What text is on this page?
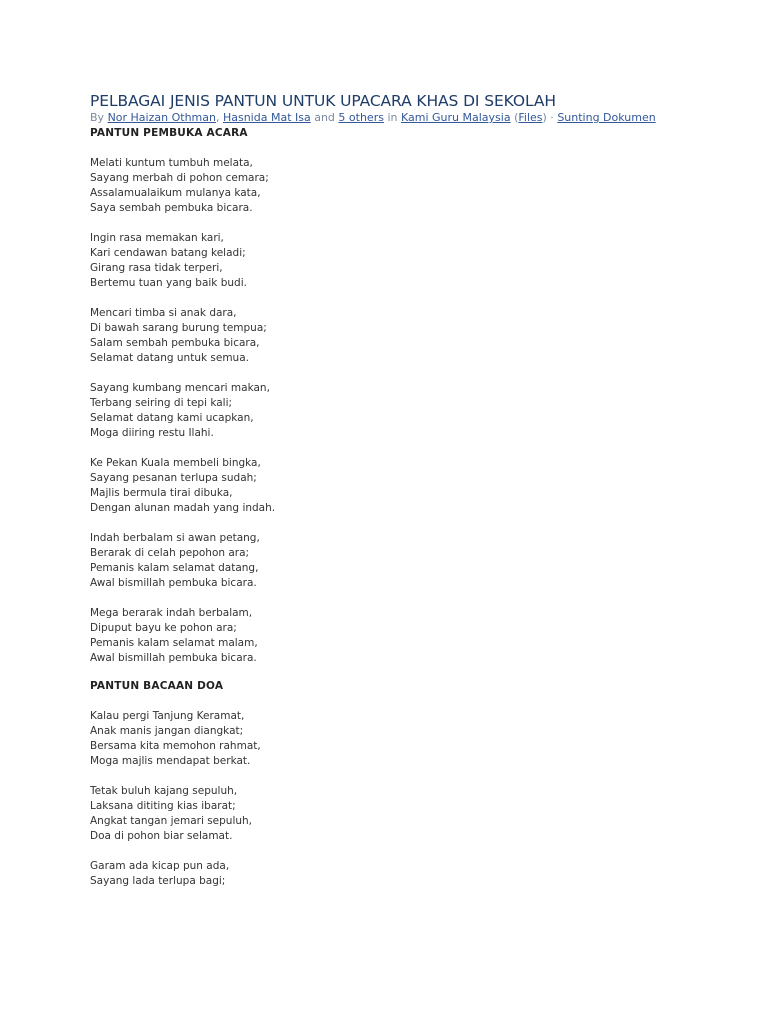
PELBAGAI JENIS PANTUN UNTUK UPACARA KHAS DI SEKOLAH
By Nor Haizan Othman, Hasnida Mat Isa and 5 others in Kami Guru Malaysia (Files) · Sunting Dokumen
PANTUN PEMBUKA ACARA
Melati kuntum tumbuh melata,
Sayang merbah di pohon cemara;
Assalamualaikum mulanya kata,
Saya sembah pembuka bicara.
Ingin rasa memakan kari,
Kari cendawan batang keladi;
Girang rasa tidak terperi,
Bertemu tuan yang baik budi.
Mencari timba si anak dara,
Di bawah sarang burung tempua;
Salam sembah pembuka bicara,
Selamat datang untuk semua.
Sayang kumbang mencari makan,
Terbang seiring di tepi kali;
Selamat datang kami ucapkan,
Moga diiring restu Ilahi.
Ke Pekan Kuala membeli bingka,
Sayang pesanan terlupa sudah;
Majlis bermula tirai dibuka,
Dengan alunan madah yang indah.
Indah berbalam si awan petang,
Berarak di celah pepohon ara;
Pemanis kalam selamat datang,
Awal bismillah pembuka bicara.
Mega berarak indah berbalam,
Dipuput bayu ke pohon ara;
Pemanis kalam selamat malam,
Awal bismillah pembuka bicara.
PANTUN BACAAN DOA
Kalau pergi Tanjung Keramat,
Anak manis jangan diangkat;
Bersama kita memohon rahmat,
Moga majlis mendapat berkat.
Tetak buluh kajang sepuluh,
Laksana dititing kias ibarat;
Angkat tangan jemari sepuluh,
Doa di pohon biar selamat.
Garam ada kicap pun ada,
Sayang lada terlupa bagi;
